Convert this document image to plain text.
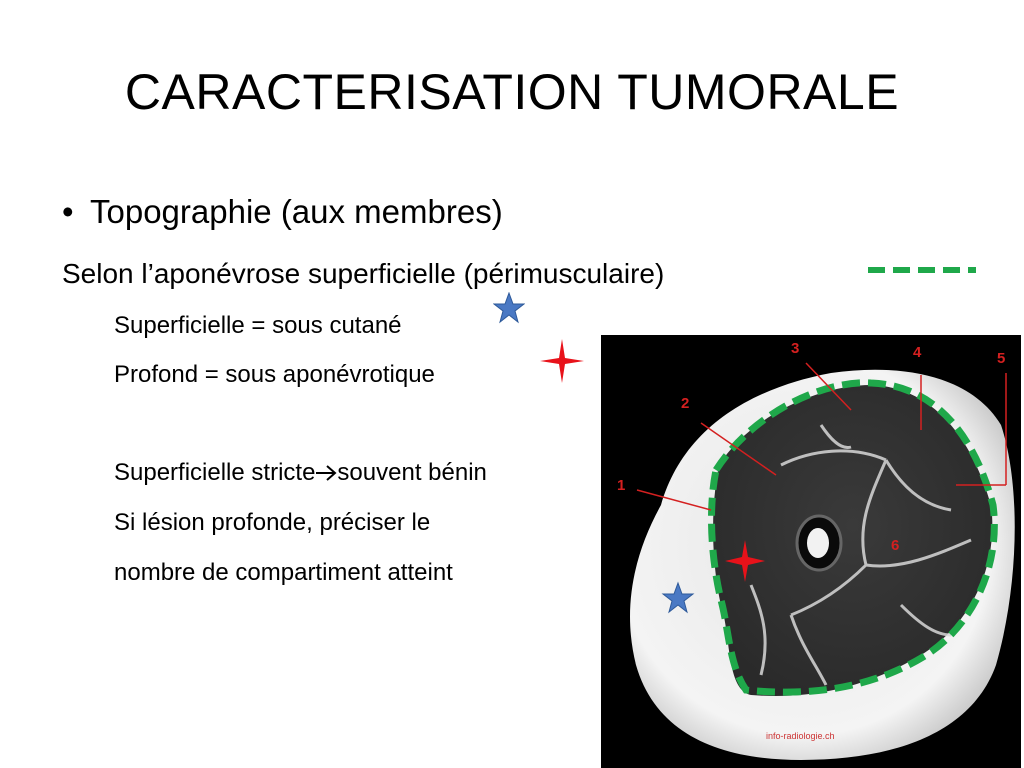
CARACTERISATION TUMORALE
• Topographie (aux membres)
Selon l’aponévrose superficielle (périmusculaire)
Superficielle = sous cutané
Profond = sous aponévrotique
Superficielle stricte souvent bénin
Si lésion profonde, préciser le
nombre de compartiment atteint
1
2
3	4	5
6
info-radiologie.ch
